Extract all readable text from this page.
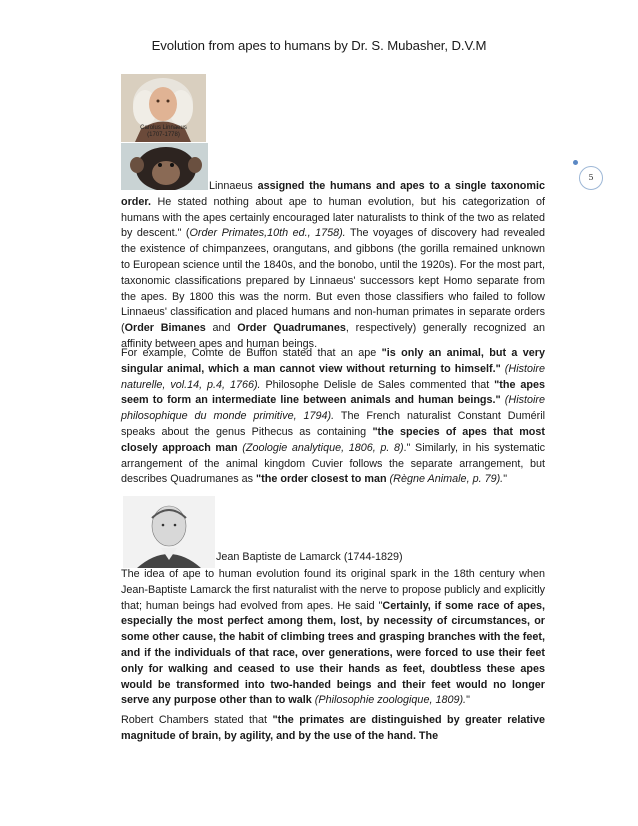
Evolution from apes to humans by Dr. S. Mubasher, D.V.M
5
Carolus Linnaeus
(1707-1778)

Linnaeus assigned the humans and apes to a single taxonomic order. He stated nothing about ape to human evolution, but his categorization of humans with the apes certainly encouraged later naturalists to think of the two as related by descent." (Order Primates,10th ed., 1758). The voyages of discovery had revealed the existence of chimpanzees, orangutans, and gibbons (the gorilla remained unknown to European science until the 1840s, and the bonobo, until the 1920s). For the most part, taxonomic classifications prepared by Linnaeus' successors kept Homo separate from the apes. By 1800 this was the norm. But even those classifiers who failed to follow Linnaeus' classification and placed humans and non-human primates in separate orders (Order Bimanes and Order Quadrumanes, respectively) generally recognized an affinity between apes and human beings.

For example, Comte de Buffon stated that an ape "is only an animal, but a very singular animal, which a man cannot view without returning to himself." (Histoire naturelle, vol.14, p.4, 1766). Philosophe Delisle de Sales commented that "the apes seem to form an intermediate line between animals and human beings." (Histoire philosophique du monde primitive, 1794). The French naturalist Constant Duméril speaks about the genus Pithecus as containing "the species of apes that most closely approach man (Zoologie analytique, 1806, p. 8)." Similarly, in his systematic arrangement of the animal kingdom Cuvier follows the separate arrangement, but describes Quadrumanes as "the order closest to man (Règne Animale, p. 79)."

Jean Baptiste de Lamarck (1744-1829)

The idea of ape to human evolution found its original spark in the 18th century when Jean-Baptiste Lamarck the first naturalist with the nerve to propose publicly and explicitly that; human beings had evolved from apes. He said "Certainly, if some race of apes, especially the most perfect among them, lost, by necessity of circumstances, or some other cause, the habit of climbing trees and grasping branches with the feet, and if the individuals of that race, over generations, were forced to use their feet only for walking and ceased to use their hands as feet, doubtless these apes would be transformed into two-handed beings and their feet would no longer serve any purpose other than to walk (Philosophie zoologique, 1809)."

Robert Chambers stated that "the primates are distinguished by greater relative magnitude of brain, by agility, and by the use of the hand. The
